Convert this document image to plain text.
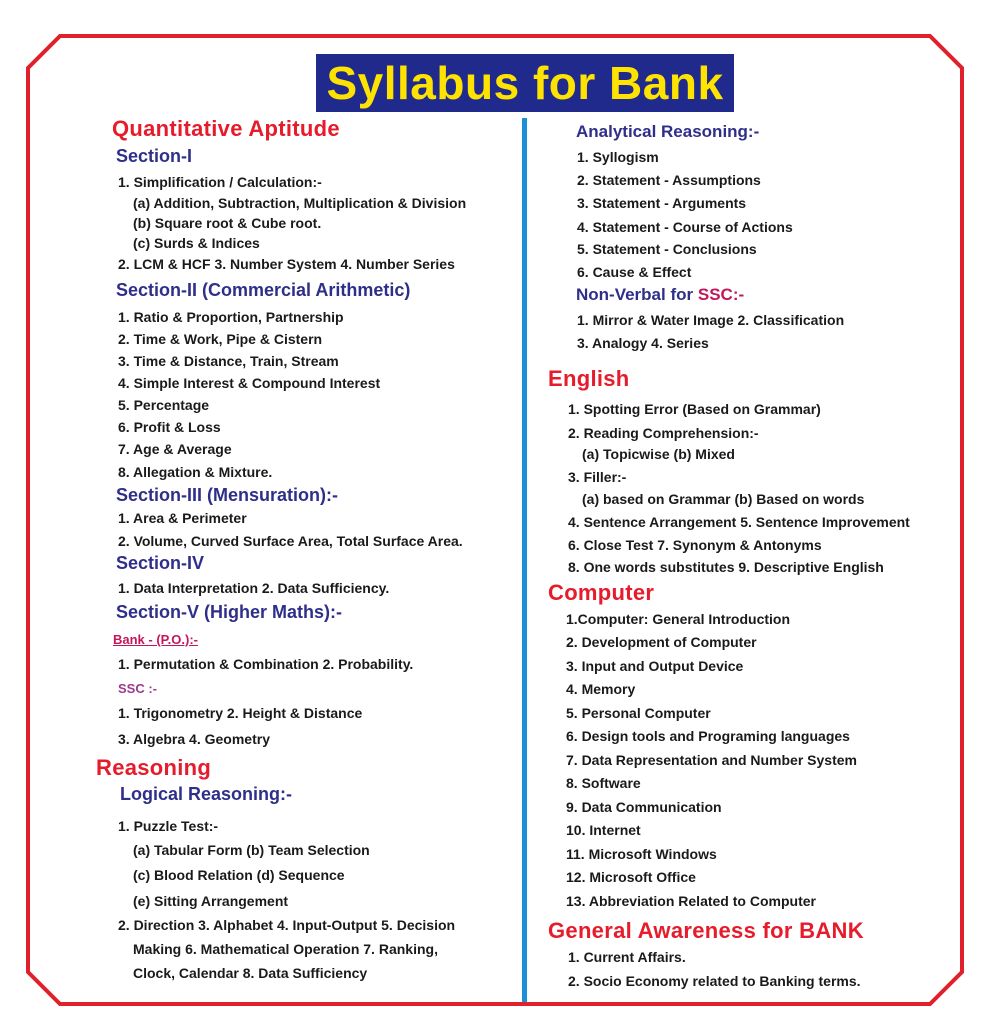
Syllabus for Bank
Quantitative Aptitude
Section-I
1. Simplification / Calculation:-
(a) Addition, Subtraction, Multiplication & Division
(b) Square root & Cube root.
(c) Surds & Indices
2. LCM & HCF 3. Number System 4. Number Series
Section-II (Commercial Arithmetic)
1. Ratio & Proportion, Partnership
2. Time & Work, Pipe & Cistern
3. Time & Distance, Train, Stream
4. Simple Interest & Compound Interest
5. Percentage
6. Profit & Loss
7. Age & Average
8. Allegation & Mixture.
Section-III (Mensuration):-
1. Area & Perimeter
2. Volume, Curved Surface Area, Total Surface Area.
Section-IV
1. Data Interpretation 2. Data Sufficiency.
Section-V (Higher Maths):-
Bank - (P.O.):-
1. Permutation & Combination 2. Probability.
SSC :-
1. Trigonometry 2. Height & Distance
3. Algebra 4. Geometry
Reasoning
Logical Reasoning:-
1. Puzzle Test:-
(a) Tabular Form (b) Team Selection
(c) Blood Relation (d) Sequence
(e) Sitting Arrangement
2. Direction 3. Alphabet 4. Input-Output 5. Decision
Making 6. Mathematical Operation 7. Ranking,
Clock, Calendar 8. Data Sufficiency
Analytical Reasoning:-
1. Syllogism
2. Statement - Assumptions
3. Statement - Arguments
4. Statement - Course of Actions
5. Statement - Conclusions
6. Cause & Effect
Non-Verbal for SSC:-
1. Mirror & Water Image 2. Classification
3. Analogy 4. Series
English
1. Spotting Error (Based on Grammar)
2. Reading Comprehension:-
(a) Topicwise (b) Mixed
3. Filler:-
(a) based on Grammar (b) Based on words
4. Sentence Arrangement 5. Sentence Improvement
6. Close Test 7. Synonym & Antonyms
8. One words substitutes 9. Descriptive English
Computer
1.Computer: General Introduction
2. Development of Computer
3. Input and Output Device
4. Memory
5. Personal Computer
6. Design tools and Programing languages
7. Data Representation and Number System
8. Software
9. Data Communication
10. Internet
11. Microsoft Windows
12. Microsoft Office
13. Abbreviation Related to Computer
General Awareness for BANK
1. Current Affairs.
2. Socio Economy related to Banking terms.
